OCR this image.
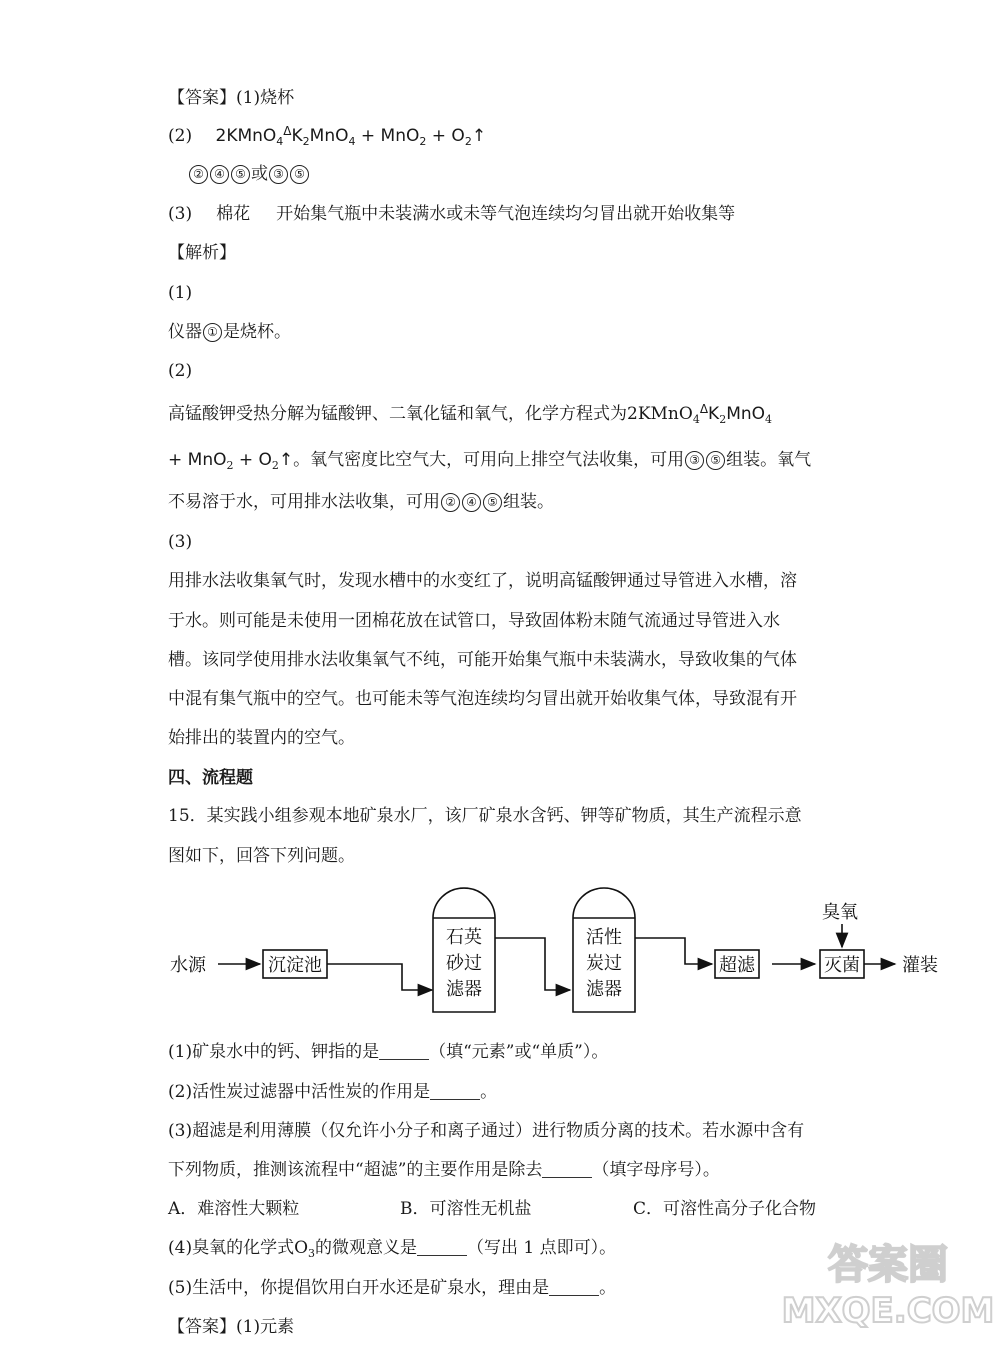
【答案】(1)烧杯
(2) $2KMnO_4^\Delta K_2MnO_4 + MnO_2$ + $O_2↑$
② ④ ⑤ 或 ③ ⑤
(3) 棉花 开始集气瓶中未装满水或未等气泡连续均匀冒出就开始收集等
【解析】
(1)
仪器 ① 是烧杯。
(2)
高锰酸钾受热分解为锰酸钾、二氧化锰和氧气，化学方程式为$2KMnO_4^\Delta K_2MnO_4$
+ $MnO_2 + O_2↑$。氧气密度比空气大，可用向上排空气法收集，可用 ③ ⑤ 组装。氧气
不易溶于水，可用排水法收集，可用 ② ④ ⑤ 组装。
(3)
用排水法收集氧气时，发现水槽中的水变红了，说明高锰酸钾通过导管进入水槽，溶
于水。则可能是未使用一团棉花放在试管口，导致固体粉末随气流通过导管进入水
槽。该同学使用排水法收集氧气不纯，可能开始集气瓶中未装满水，导致收集的气体
中混有集气瓶中的空气。也可能未等气泡连续均匀冒出就开始收集气体，导致混有开
始排出的装置内的空气。
四、流程题
15．某实践小组参观本地矿泉水厂，该厂矿泉水含钙、钾等矿物质，其生产流程示意
图如下，回答下列问题。
水源	沉淀池
石英
砂过
滤器
活性
炭过
滤器
超滤
臭氧
灭菌 灌装
(1)矿泉水中的钙、钾指的是	（填“元素”或“单质”）。
(2)活性炭过滤器中活性炭的作用是	。
(3)超滤是利用薄膜（仅允许小分子和离子通过）进行物质分离的技术。若水源中含有
下列物质，推测该流程中“超滤”的主要作用是除去	（填字母序号）。
A．难溶性大颗粒	B．可溶性无机盐	C．可溶性高分子化合物
(4)臭氧的化学式$O_3$的微观意义是	（写出 1 点即可）。
(5)生活中，你提倡饮用白开水还是矿泉水，理由是	。
【答案】(1)元素
答案圈
MXQE.COM
